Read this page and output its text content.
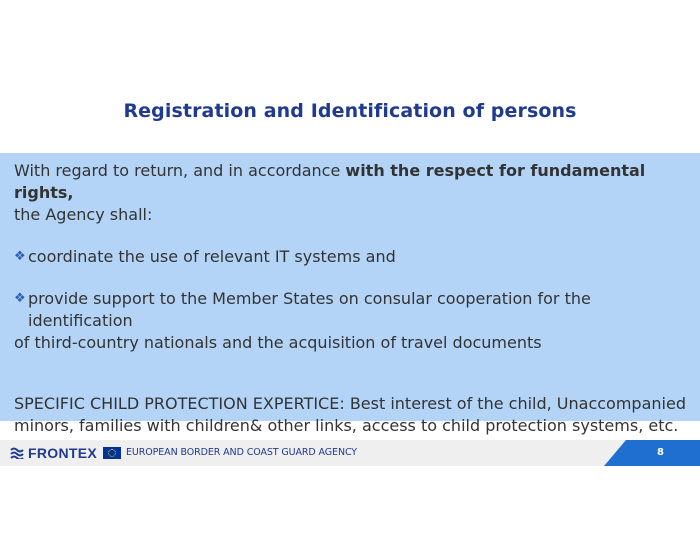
Registration and Identification of persons

With regard to return, and in accordance with the respect for fundamental rights,
the Agency shall:

❖ coordinate the use of relevant IT systems and
❖ provide support to the Member States on consular cooperation for the identification
of third-country nationals and the acquisition of travel documents

SPECIFIC CHILD PROTECTION EXPERTICE: Best interest of the child, Unaccompanied
minors, families with children& other links, access to child protection systems, etc.

FRONTEX	EUROPEAN BORDER AND COAST GUARD AGENCY	8
